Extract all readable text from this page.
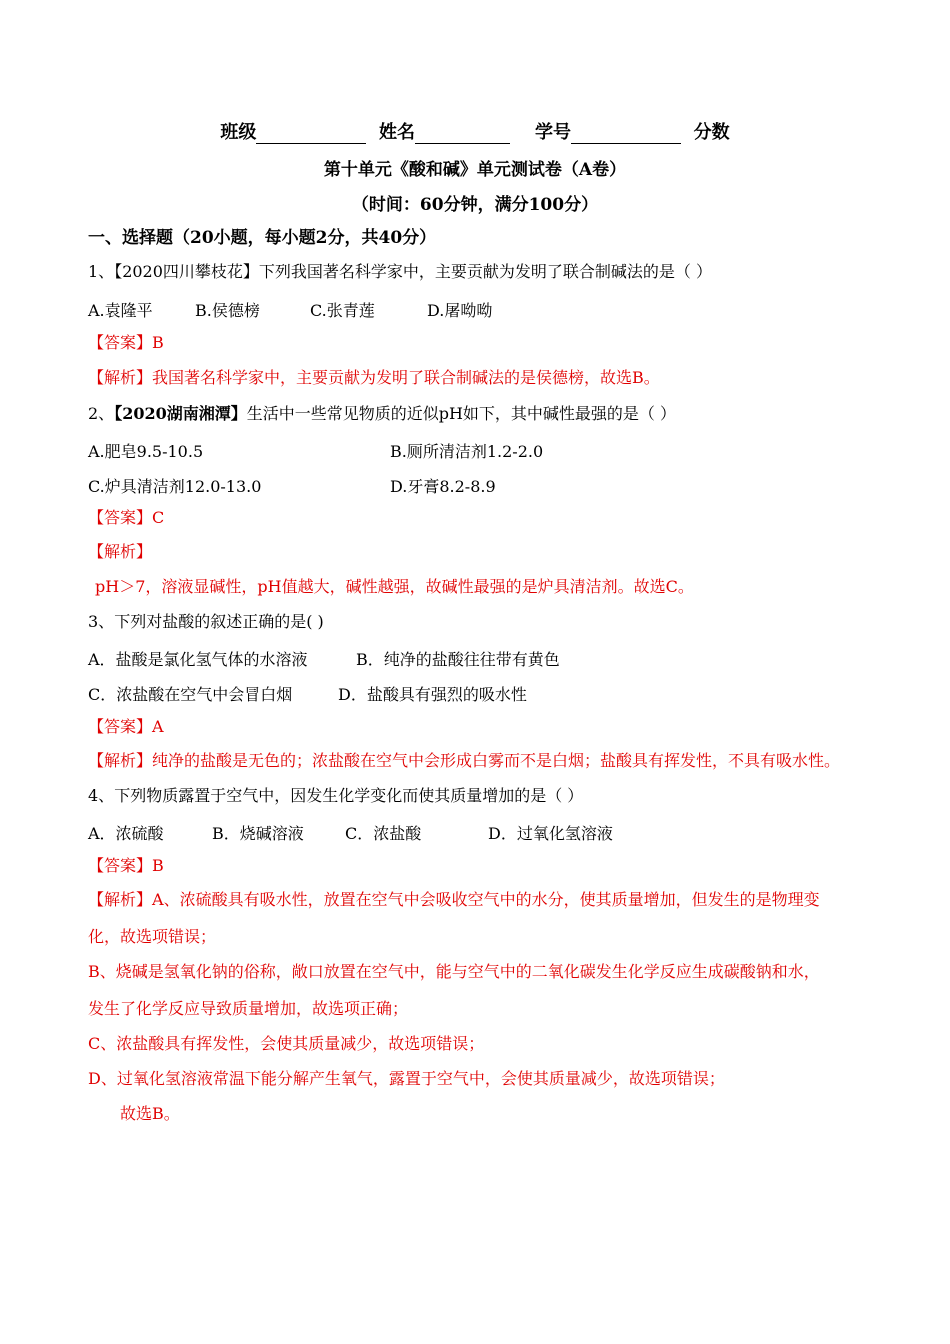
班级	姓名	学号	分数
第十单元《酸和碱》单元测试卷（A卷）
（时间：60分钟，满分100分）
一、选择题（20小题，每小题2分，共40分）
1、【2020四川攀枝花】下列我国著名科学家中，主要贡献为发明了联合制碱法的是（ ）
A.袁隆平	B.侯德榜	C.张青莲	D.屠呦呦
【答案】B
【解析】我国著名科学家中，主要贡献为发明了联合制碱法的是侯德榜，故选B。
2、【2020湖南湘潭】生活中一些常见物质的近似pH如下，其中碱性最强的是（ ）
A.肥皂9.5-10.5	B.厕所清洁剂1.2-2.0
C.炉具清洁剂12.0-13.0	D.牙膏8.2-8.9
【答案】C
【解析】
pH＞7，溶液显碱性，pH值越大，碱性越强，故碱性最强的是炉具清洁剂。故选C。
3、下列对盐酸的叙述正确的是( )
A．盐酸是氯化氢气体的水溶液	B．纯净的盐酸往往带有黄色
C．浓盐酸在空气中会冒白烟	D．盐酸具有强烈的吸水性
【答案】A
【解析】纯净的盐酸是无色的；浓盐酸在空气中会形成白雾而不是白烟；盐酸具有挥发性，不具有吸水性。
4、下列物质露置于空气中，因发生化学变化而使其质量增加的是（ ）
A．浓硫酸	B．烧碱溶液	C．浓盐酸	D．过氧化氢溶液
【答案】B
【解析】A、浓硫酸具有吸水性，放置在空气中会吸收空气中的水分，使其质量增加，但发生的是物理变
化，故选项错误；
B、烧碱是氢氧化钠的俗称，敞口放置在空气中，能与空气中的二氧化碳发生化学反应生成碳酸钠和水，
发生了化学反应导致质量增加，故选项正确；
C、浓盐酸具有挥发性，会使其质量减少，故选项错误；
D、过氧化氢溶液常温下能分解产生氧气，露置于空气中，会使其质量减少，故选项错误；
故选B。
